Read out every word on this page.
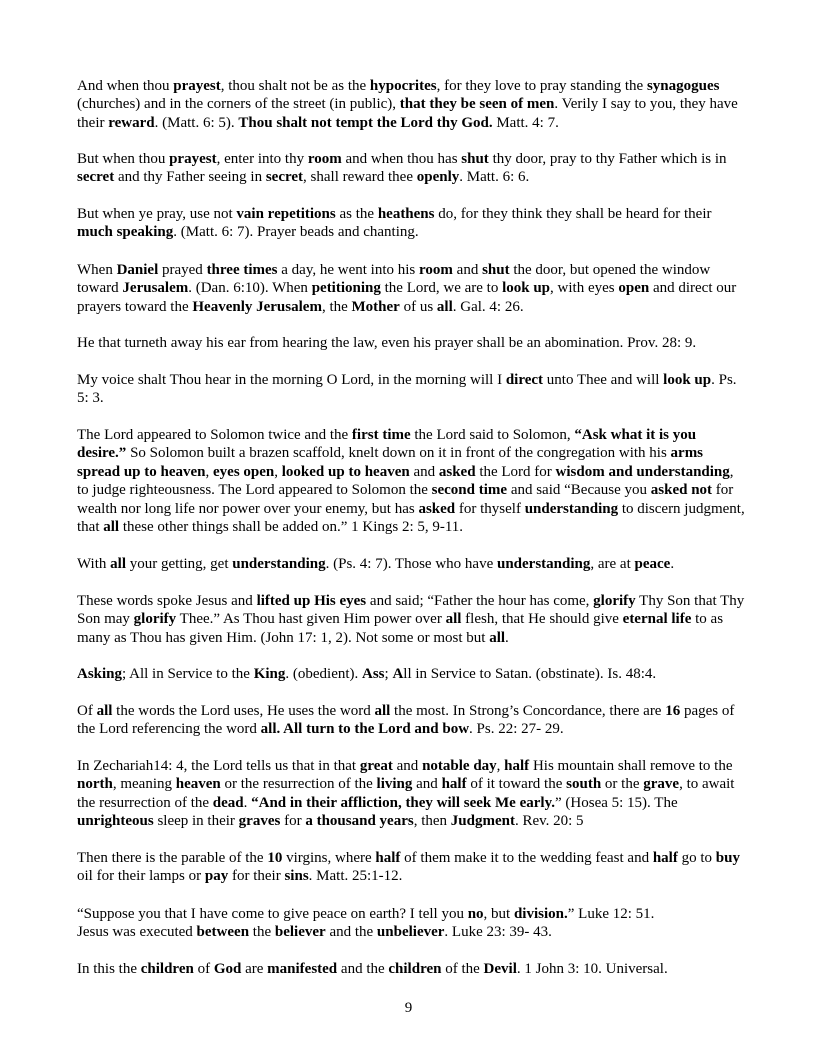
And when thou prayest, thou shalt not be as the hypocrites, for they love to pray standing the synagogues (churches) and in the corners of the street (in public), that they be seen of men. Verily I say to you, they have their reward. (Matt. 6: 5). Thou shalt not tempt the Lord thy God. Matt. 4: 7.

But when thou prayest, enter into thy room and when thou has shut thy door, pray to thy Father which is in secret and thy Father seeing in secret, shall reward thee openly. Matt. 6: 6.

But when ye pray, use not vain repetitions as the heathens do, for they think they shall be heard for their much speaking. (Matt. 6: 7). Prayer beads and chanting.

When Daniel prayed three times a day, he went into his room and shut the door, but opened the window toward Jerusalem. (Dan. 6:10). When petitioning the Lord, we are to look up, with eyes open and direct our prayers toward the Heavenly Jerusalem, the Mother of us all. Gal. 4: 26.

He that turneth away his ear from hearing the law, even his prayer shall be an abomination. Prov. 28: 9.

My voice shalt Thou hear in the morning O Lord, in the morning will I direct unto Thee and will look up. Ps. 5: 3.

The Lord appeared to Solomon twice and the first time the Lord said to Solomon, “Ask what it is you desire.” So Solomon built a brazen scaffold, knelt down on it in front of the congregation with his arms spread up to heaven, eyes open, looked up to heaven and asked the Lord for wisdom and understanding, to judge righteousness. The Lord appeared to Solomon the second time and said “Because you asked not for wealth nor long life nor power over your enemy, but has asked for thyself understanding to discern judgment, that all these other things shall be added on.” 1 Kings 2: 5, 9-11.

With all your getting, get understanding. (Ps. 4: 7). Those who have understanding, are at peace.

These words spoke Jesus and lifted up His eyes and said; “Father the hour has come, glorify Thy Son that Thy Son may glorify Thee.” As Thou hast given Him power over all flesh, that He should give eternal life to as many as Thou has given Him. (John 17: 1, 2). Not some or most but all.

Asking; All in Service to the King. (obedient). Ass; All in Service to Satan. (obstinate). Is. 48:4.

Of all the words the Lord uses, He uses the word all the most. In Strong’s Concordance, there are 16 pages of the Lord referencing the word all. All turn to the Lord and bow. Ps. 22: 27- 29.

In Zechariah14: 4, the Lord tells us that in that great and notable day, half His mountain shall remove to the north, meaning heaven or the resurrection of the living and half of it toward the south or the grave, to await the resurrection of the dead. “And in their affliction, they will seek Me early.” (Hosea 5: 15). The unrighteous sleep in their graves for a thousand years, then Judgment. Rev. 20: 5

Then there is the parable of the 10 virgins, where half of them make it to the wedding feast and half go to buy oil for their lamps or pay for their sins. Matt. 25:1-12.

“Suppose you that I have come to give peace on earth? I tell you no, but division.” Luke 12: 51.
Jesus was executed between the believer and the unbeliever. Luke 23: 39- 43.

In this the children of God are manifested and the children of the Devil. 1 John 3: 10. Universal.

9
